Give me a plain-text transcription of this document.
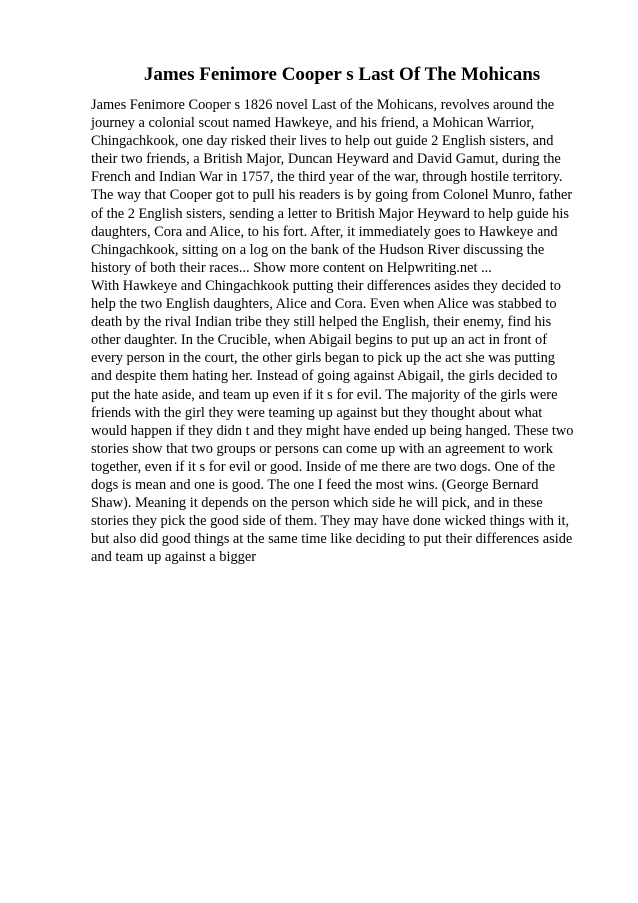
James Fenimore Cooper s Last Of The Mohicans
James Fenimore Cooper s 1826 novel Last of the Mohicans, revolves around the
journey a colonial scout named Hawkeye, and his friend, a Mohican Warrior,
Chingachkook, one day risked their lives to help out guide 2 English sisters, and
their two friends, a British Major, Duncan Heyward and David Gamut, during the
French and Indian War in 1757, the third year of the war, through hostile territory.
The way that Cooper got to pull his readers is by going from Colonel Munro, father
of the 2 English sisters, sending a letter to British Major Heyward to help guide his
daughters, Cora and Alice, to his fort. After, it immediately goes to Hawkeye and
Chingachkook, sitting on a log on the bank of the Hudson River discussing the
history of both their races... Show more content on Helpwriting.net ...
With Hawkeye and Chingachkook putting their differences asides they decided to
help the two English daughters, Alice and Cora. Even when Alice was stabbed to
death by the rival Indian tribe they still helped the English, their enemy, find his
other daughter. In the Crucible, when Abigail begins to put up an act in front of
every person in the court, the other girls began to pick up the act she was putting
and despite them hating her. Instead of going against Abigail, the girls decided to
put the hate aside, and team up even if it s for evil. The majority of the girls were
friends with the girl they were teaming up against but they thought about what
would happen if they didn t and they might have ended up being hanged. These two
stories show that two groups or persons can come up with an agreement to work
together, even if it s for evil or good. Inside of me there are two dogs. One of the
dogs is mean and one is good. The one I feed the most wins. (George Bernard
Shaw). Meaning it depends on the person which side he will pick, and in these
stories they pick the good side of them. They may have done wicked things with it,
but also did good things at the same time like deciding to put their differences aside
and team up against a bigger
